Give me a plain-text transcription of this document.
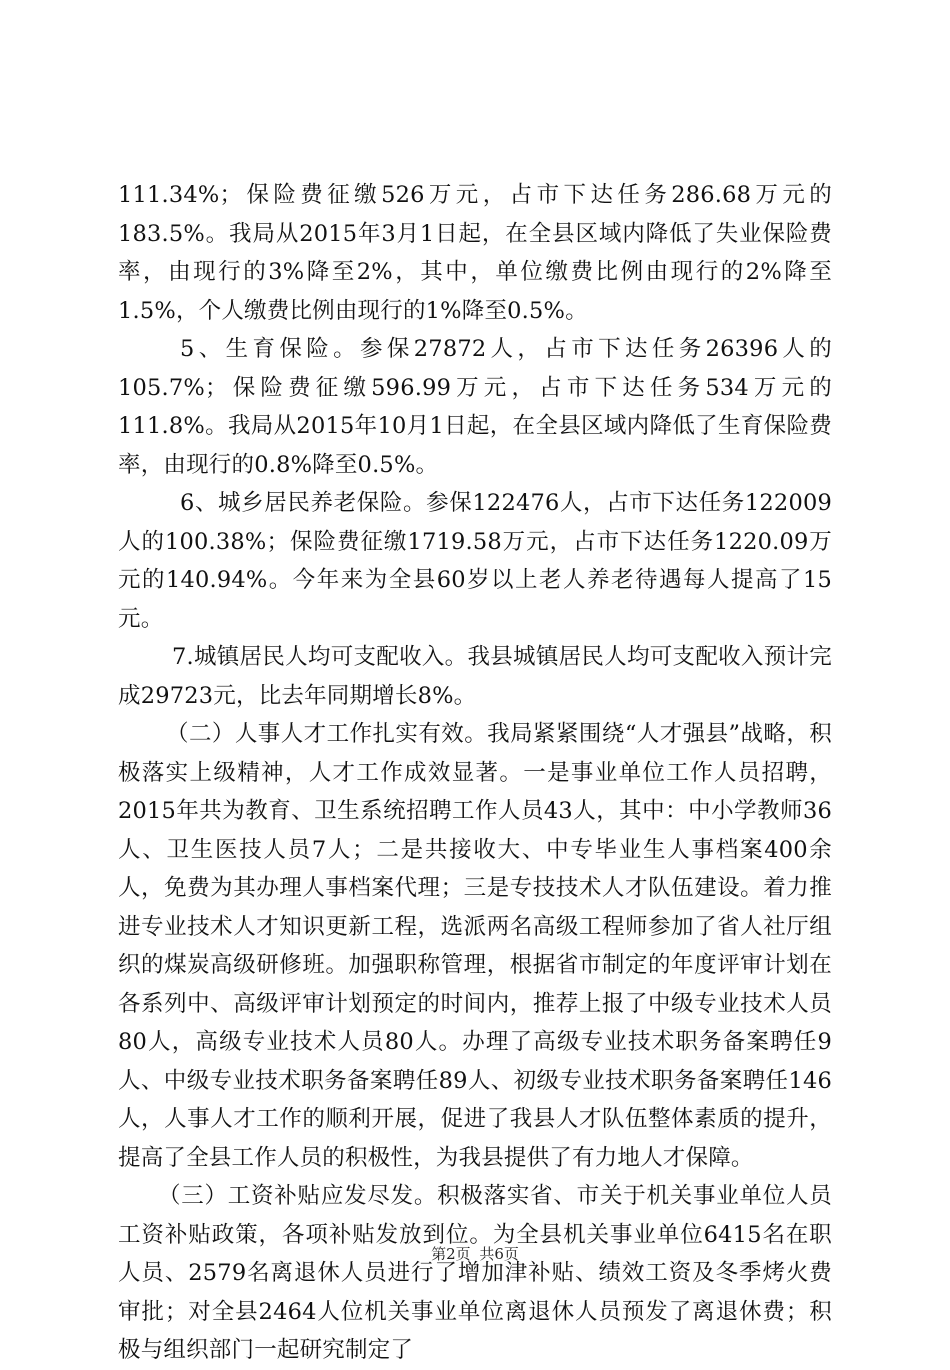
111.34%；保险费征缴526万元，占市下达任务286.68万元的183.5%。我局从2015年3月1日起，在全县区域内降低了失业保险费率，由现行的3%降至2%，其中，单位缴费比例由现行的2%降至1.5%，个人缴费比例由现行的1%降至0.5%。

5、生育保险。参保27872人，占市下达任务26396人的105.7%；保险费征缴596.99万元，占市下达任务534万元的111.8%。我局从2015年10月1日起，在全县区域内降低了生育保险费率，由现行的0.8%降至0.5%。

6、城乡居民养老保险。参保122476人，占市下达任务122009人的100.38%；保险费征缴1719.58万元，占市下达任务1220.09万元的140.94%。今年来为全县60岁以上老人养老待遇每人提高了15元。

7.城镇居民人均可支配收入。我县城镇居民人均可支配收入预计完成29723元，比去年同期增长8%。

（二）人事人才工作扎实有效。我局紧紧围绕“人才强县”战略，积极落实上级精神，人才工作成效显著。一是事业单位工作人员招聘，2015年共为教育、卫生系统招聘工作人员43人，其中：中小学教师36人、卫生医技人员7人；二是共接收大、中专毕业生人事档案400余人，免费为其办理人事档案代理；三是专技技术人才队伍建设。着力推进专业技术人才知识更新工程，选派两名高级工程师参加了省人社厅组织的煤炭高级研修班。加强职称管理，根据省市制定的年度评审计划在各系列中、高级评审计划预定的时间内，推荐上报了中级专业技术人员80人，高级专业技术人员80人。办理了高级专业技术职务备案聘任9人、中级专业技术职务备案聘任89人、初级专业技术职务备案聘任146人，人事人才工作的顺利开展，促进了我县人才队伍整体素质的提升，提高了全县工作人员的积极性，为我县提供了有力地人才保障。

（三）工资补贴应发尽发。积极落实省、市关于机关事业单位人员工资补贴政策，各项补贴发放到位。为全县机关事业单位6415名在职人员、2579名离退休人员进行了增加津补贴、绩效工资及冬季烤火费审批；对全县2464人位机关事业单位离退休人员预发了离退休费；积极与组织部门一起研究制定了

第2页 共6页
